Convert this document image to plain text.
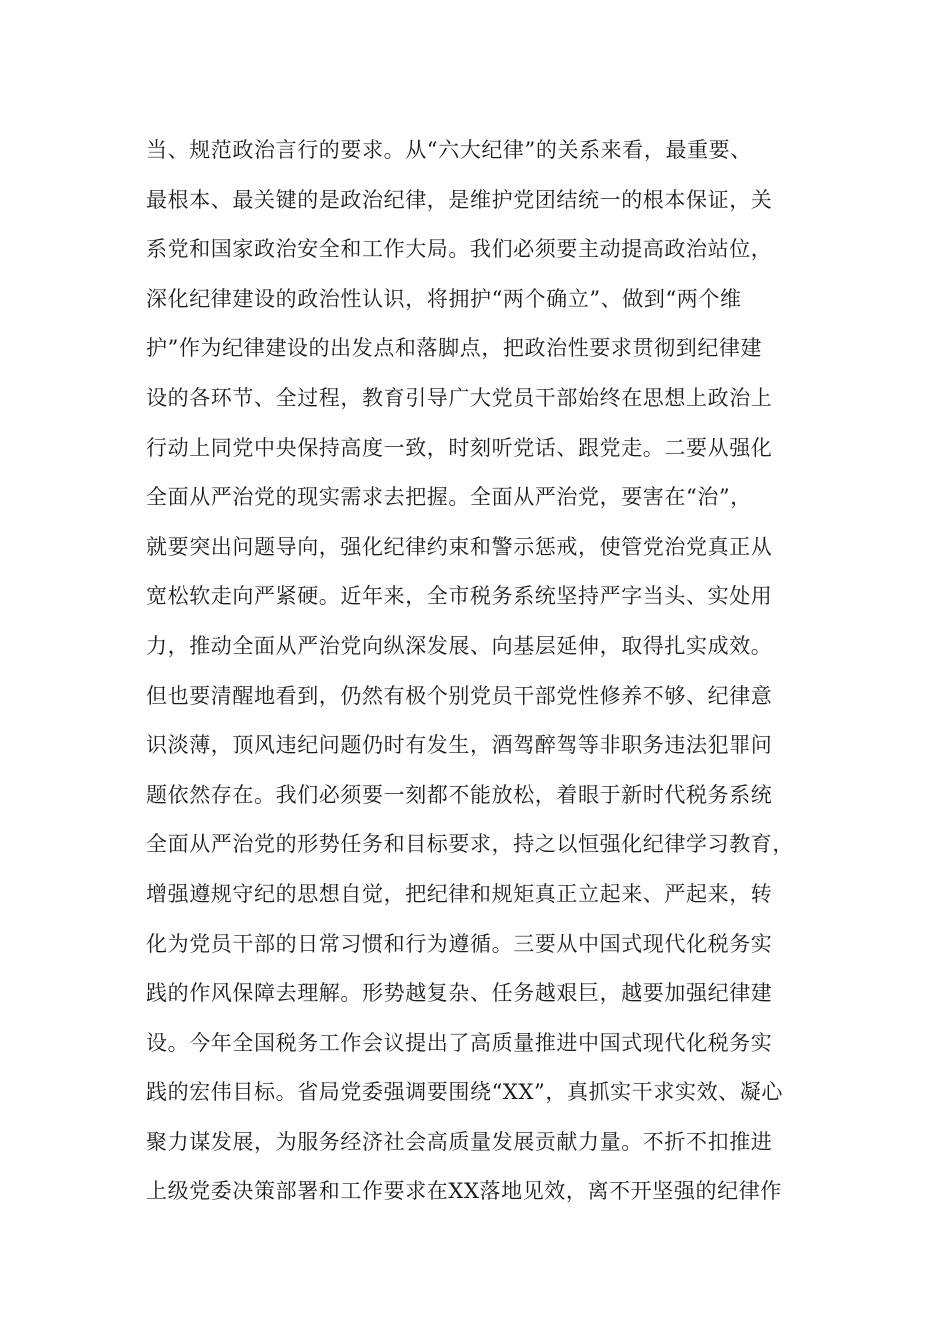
当、规范政治言行的要求。从“六大纪律”的关系来看，最重要、
最根本、最关键的是政治纪律，是维护党团结统一的根本保证，关
系党和国家政治安全和工作大局。我们必须要主动提高政治站位，
深化纪律建设的政治性认识，将拥护“两个确立”、做到“两个维
护”作为纪律建设的出发点和落脚点，把政治性要求贯彻到纪律建
设的各环节、全过程，教育引导广大党员干部始终在思想上政治上
行动上同党中央保持高度一致，时刻听党话、跟党走。二要从强化
全面从严治党的现实需求去把握。全面从严治党，要害在“治”，
就要突出问题导向，强化纪律约束和警示惩戒，使管党治党真正从
宽松软走向严紧硬。近年来，全市税务系统坚持严字当头、实处用
力，推动全面从严治党向纵深发展、向基层延伸，取得扎实成效。
但也要清醒地看到，仍然有极个别党员干部党性修养不够、纪律意
识淡薄，顶风违纪问题仍时有发生，酒驾醉驾等非职务违法犯罪问
题依然存在。我们必须要一刻都不能放松，着眼于新时代税务系统
全面从严治党的形势任务和目标要求，持之以恒强化纪律学习教育，
增强遵规守纪的思想自觉，把纪律和规矩真正立起来、严起来，转
化为党员干部的日常习惯和行为遵循。三要从中国式现代化税务实
践的作风保障去理解。形势越复杂、任务越艰巨，越要加强纪律建
设。今年全国税务工作会议提出了高质量推进中国式现代化税务实
践的宏伟目标。省局党委强调要围绕“XX”，真抓实干求实效、凝心
聚力谋发展，为服务经济社会高质量发展贡献力量。不折不扣推进
上级党委决策部署和工作要求在XX落地见效，离不开坚强的纪律作
